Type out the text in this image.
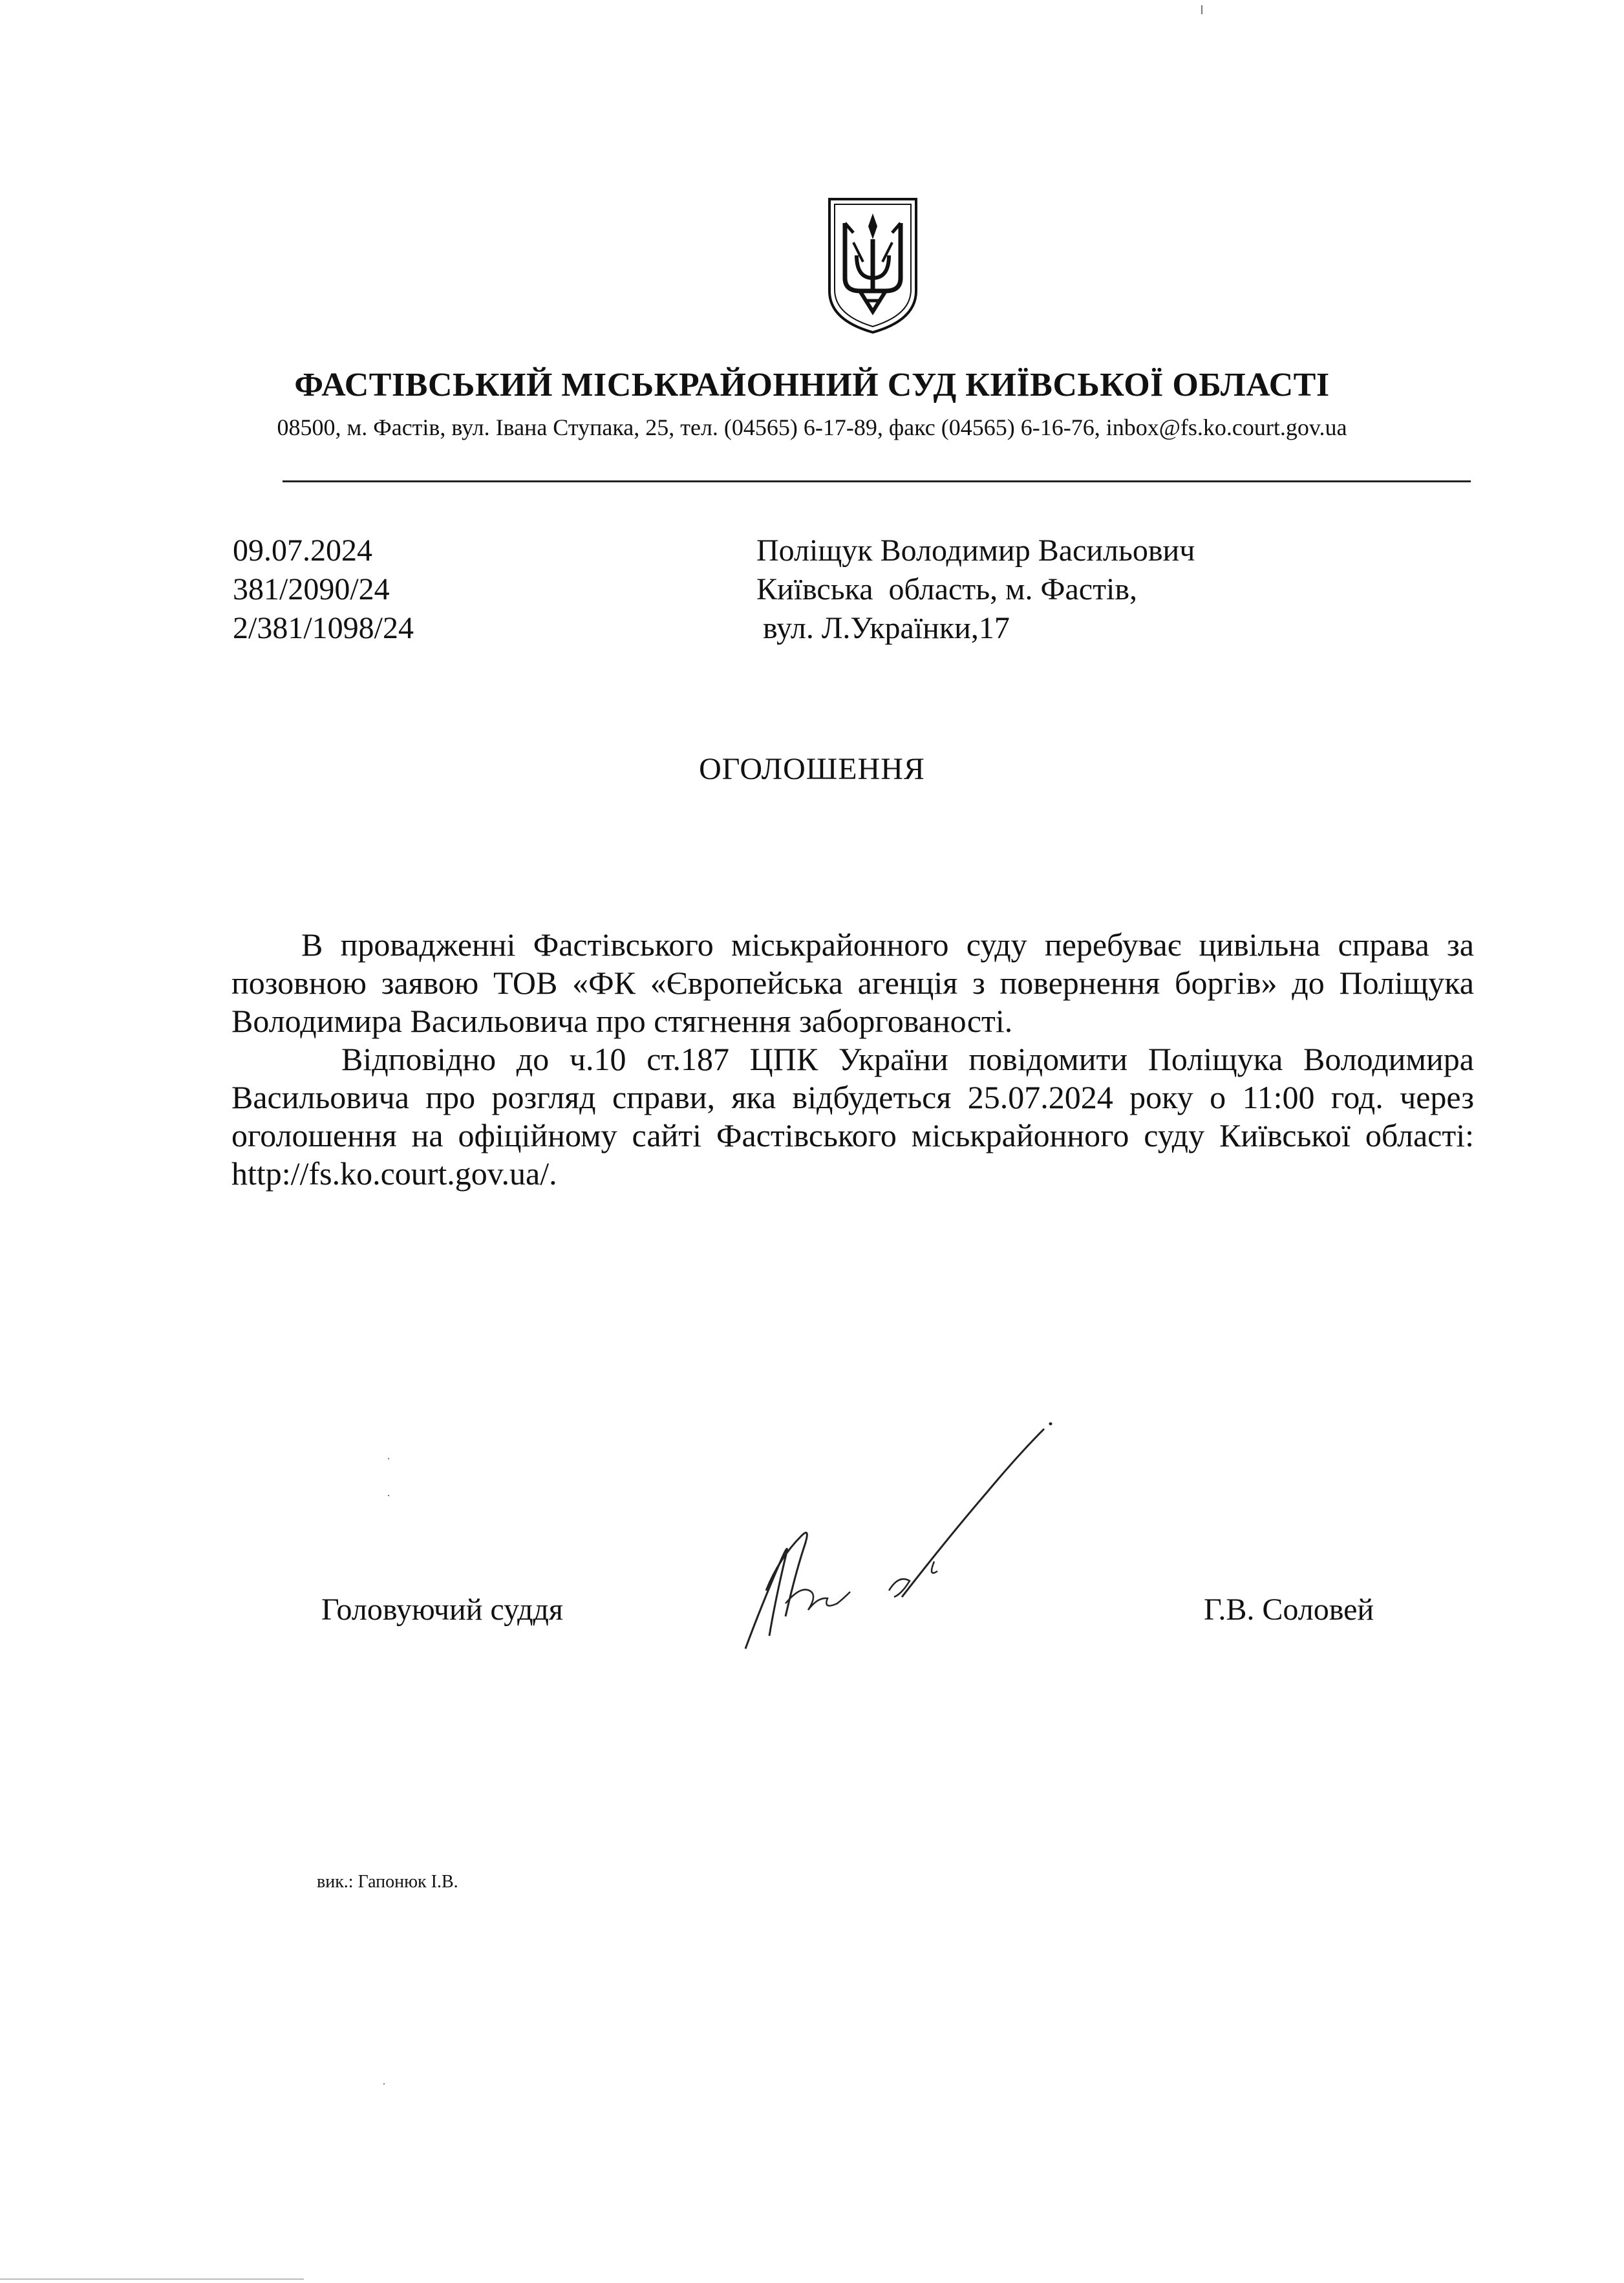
ФАСТІВСЬКИЙ МІСЬКРАЙОННИЙ СУД КИЇВСЬКОЇ ОБЛАСТІ
08500, м. Фастів, вул. Івана Ступака, 25, тел. (04565) 6-17-89, факс (04565) 6-16-76, inbox@fs.ko.court.gov.ua
09.07.2024
381/2090/24
2/381/1098/24
Поліщук Володимир Васильович
Київська  область, м. Фастів,
вул. Л.Українки,17
ОГОЛОШЕННЯ

В провадженні Фастівського міськрайонного суду перебуває цивільна справа за позовною заявою ТОВ «ФК «Європейська агенція з повернення боргів» до Поліщука Володимира Васильовича про стягнення заборгованості.

Відповідно до ч.10 ст.187 ЦПК України повідомити Поліщука Володимира Васильовича про розгляд справи, яка відбудеться 25.07.2024 року о 11:00 год. через оголошення на офіційному сайті Фастівського міськрайонного суду Київської області: http://fs.ko.court.gov.ua/.

Головуючий суддя	Г.В. Соловей
вик.: Гапонюк І.В.
